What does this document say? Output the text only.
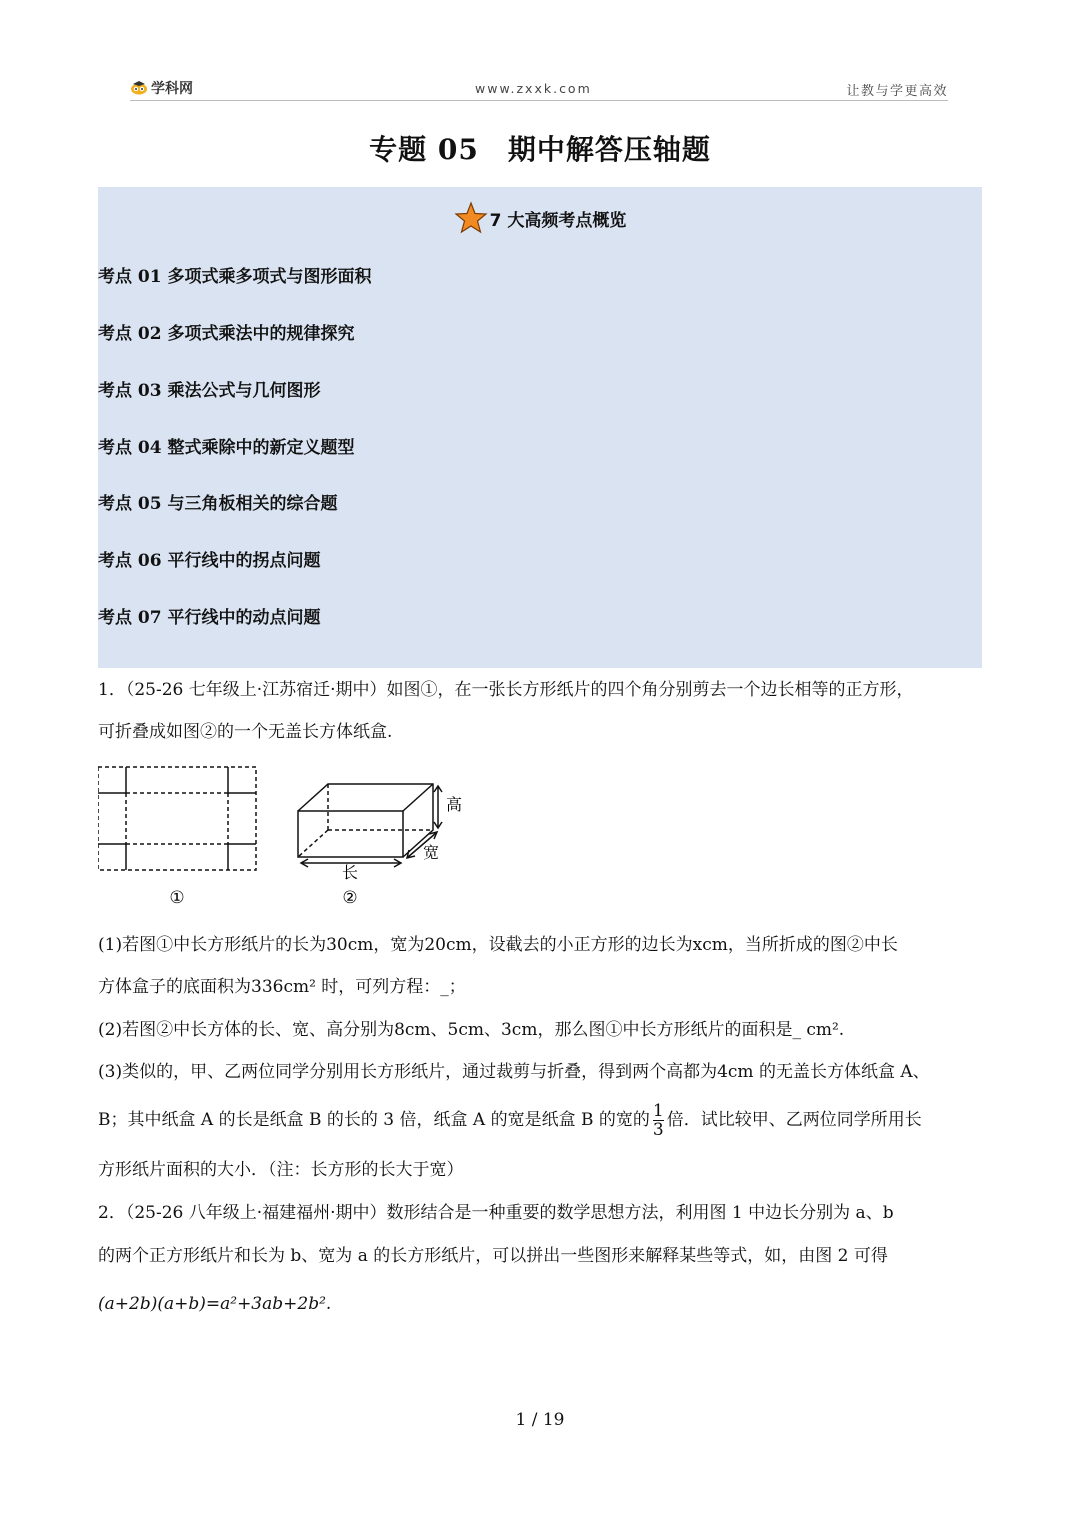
学科网	www.zxxk.com	让教与学更高效
专题 05　期中解答压轴题
7 大高频考点概览
考点 01 多项式乘多项式与图形面积
考点 02 多项式乘法中的规律探究
考点 03 乘法公式与几何图形
考点 04 整式乘除中的新定义题型
考点 05 与三角板相关的综合题
考点 06 平行线中的拐点问题
考点 07 平行线中的动点问题
1．（25-26 七年级上·江苏宿迁·期中）如图①，在一张长方形纸片的四个角分别剪去一个边长相等的正方形，
可折叠成如图②的一个无盖长方体纸盒.
①
高
宽
长
②
(1)若图①中长方形纸片的长为30cm，宽为20cm，设截去的小正方形的边长为xcm，当所折成的图②中长
方体盒子的底面积为336cm² 时，可列方程：_；
(2)若图②中长方体的长、宽、高分别为8cm、5cm、3cm，那么图①中长方形纸片的面积是_ cm².
(3)类似的，甲、乙两位同学分别用长方形纸片，通过裁剪与折叠，得到两个高都为4cm 的无盖长方体纸盒 A、
B；其中纸盒 A 的长是纸盒 B 的长的 3 倍，纸盒 A 的宽是纸盒 B 的宽的 $\frac{1}{3}$ 倍．试比较甲、乙两位同学所用长
方形纸片面积的大小．（注：长方形的长大于宽）
2．（25-26 八年级上·福建福州·期中）数形结合是一种重要的数学思想方法，利用图 1 中边长分别为 a、b
的两个正方形纸片和长为 b、宽为 a 的长方形纸片，可以拼出一些图形来解释某些等式，如，由图 2 可得
(a+2b)(a+b)=a²+3ab+2b².
1 / 19
